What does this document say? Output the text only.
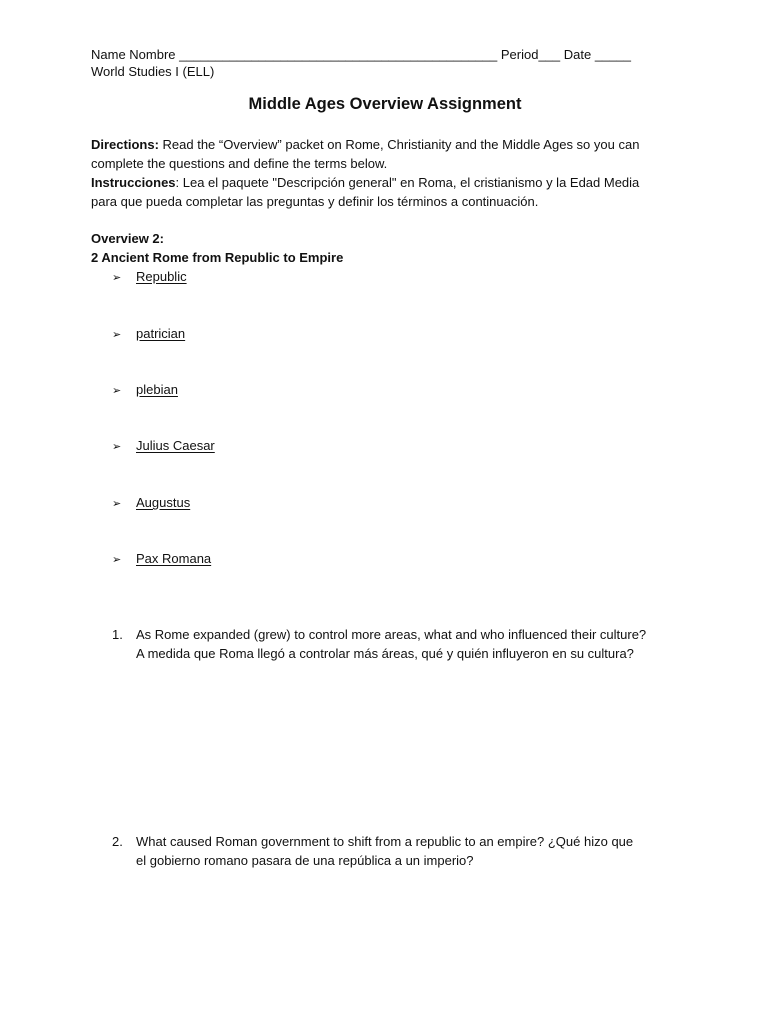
Name Nombre ____________________________________________ Period___ Date _____
World Studies I (ELL)
Middle Ages Overview Assignment
Directions: Read the “Overview” packet on Rome, Christianity and the Middle Ages so you can
complete the questions and define the terms below.
Instrucciones: Lea el paquete "Descripción general" en Roma, el cristianismo y la Edad Media
para que pueda completar las preguntas y definir los términos a continuación.
Overview 2:
2 Ancient Rome from Republic to Empire
➢ Republic
➢ patrician
➢ plebian
➢ Julius Caesar
➢ Augustus
➢ Pax Romana
1. As Rome expanded (grew) to control more areas, what and who influenced their culture?
A medida que Roma llegó a controlar más áreas, qué y quién influyeron en su cultura?
2. What caused Roman government to shift from a republic to an empire? ¿Qué hizo que
el gobierno romano pasara de una república a un imperio?
